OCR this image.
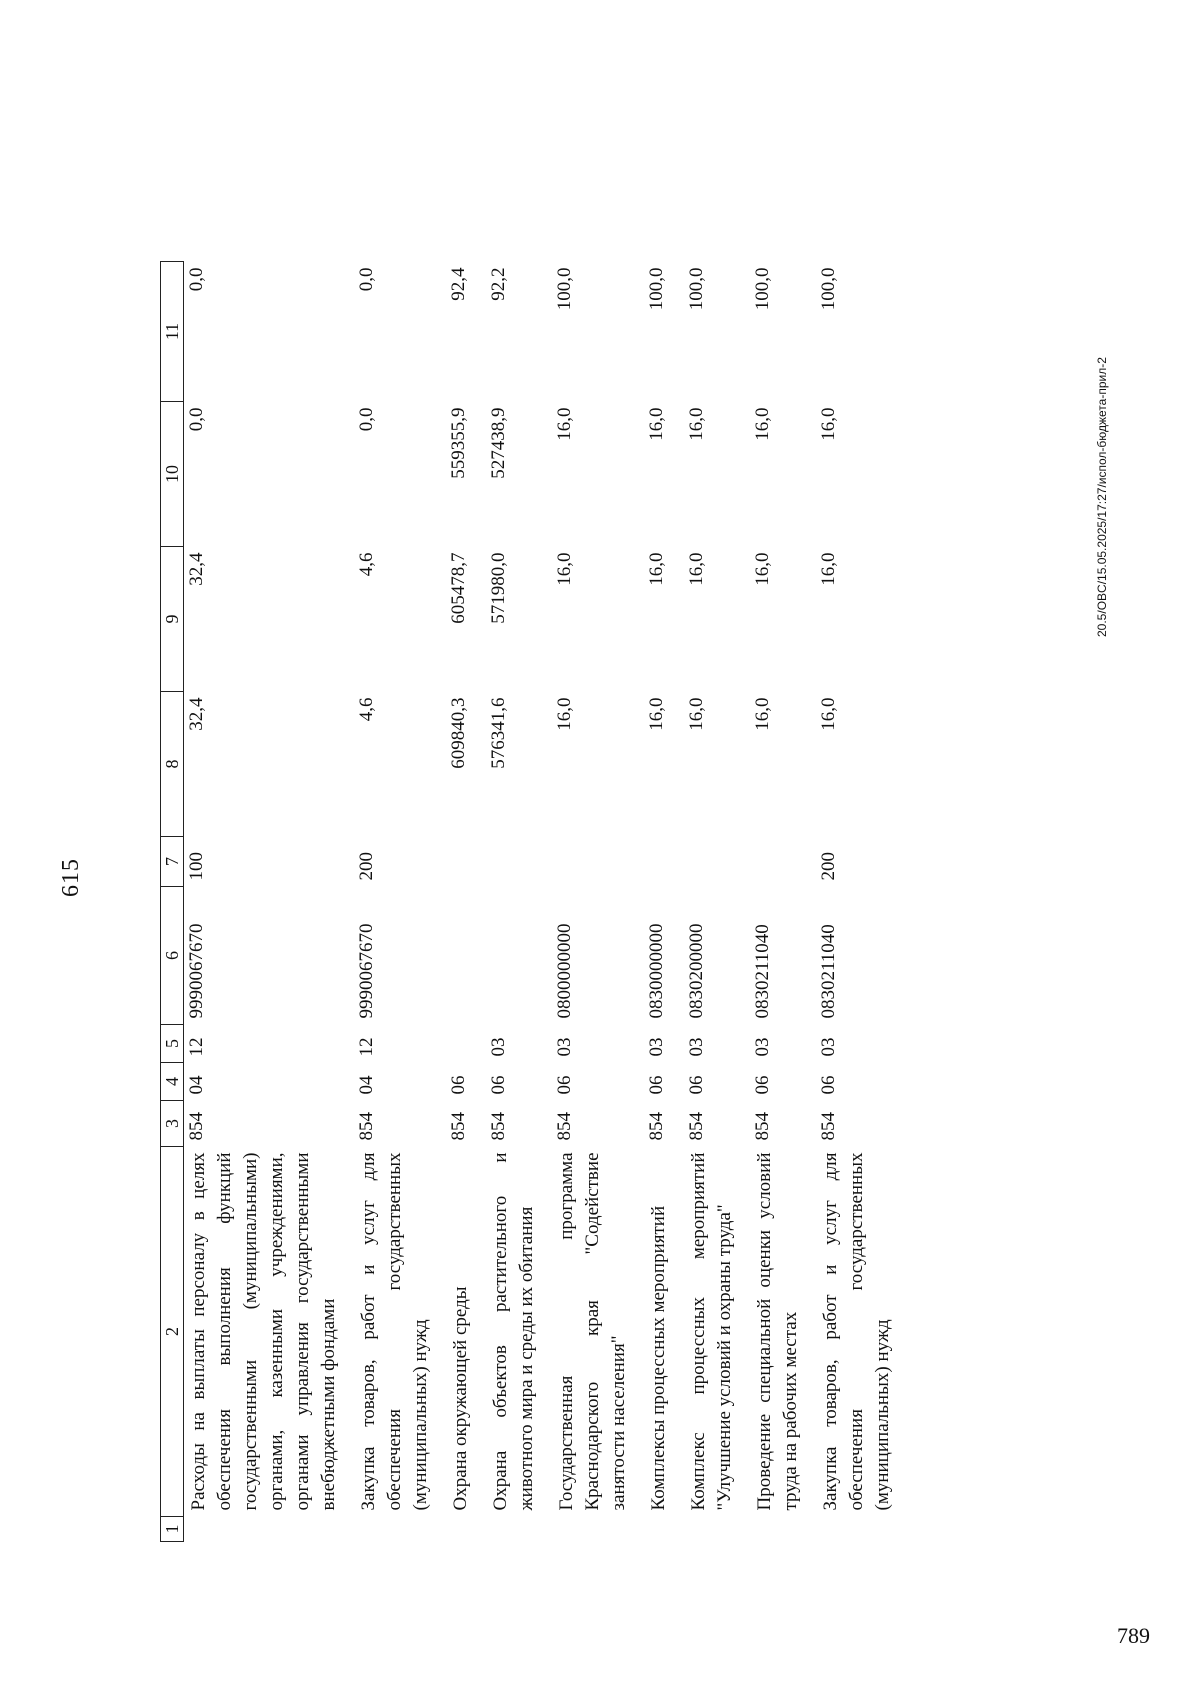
615
1	2	3	4	5	6	7	8	9	10	11
	Расходы на выплаты персоналу в целях обеспечения выполнения функций государственными (муниципальными) органами, казенными учреждениями, органами управления государственными внебюджетными фондами	854	04	12	9990067670	100	32,4	32,4	0,0	0,0

	Закупка товаров, работ и услуг для обеспечения государственных (муниципальных) нужд	854	04	12	9990067670	200	4,6	4,6	0,0	0,0

	Охрана окружающей среды	854	06				609840,3	605478,7	559355,9	92,4

	Охрана объектов растительного и животного мира и среды их обитания	854	06	03			576341,6	571980,0	527438,9	92,2

	Государственная программа Краснодарского края "Содействие занятости населения"	854	06	03	0800000000		16,0	16,0	16,0	100,0

	Комплексы процессных мероприятий	854	06	03	0830000000		16,0	16,0	16,0	100,0

	Комплекс процессных мероприятий "Улучшение условий и охраны труда"	854	06	03	0830200000		16,0	16,0	16,0	100,0

	Проведение специальной оценки условий труда на рабочих местах	854	06	03	0830211040		16,0	16,0	16,0	100,0

	Закупка товаров, работ и услуг для обеспечения государственных (муниципальных) нужд	854	06	03	0830211040	200	16,0	16,0	16,0	100,0

20.5/OBC/15.05.2025/17:27/испол-бюджета-прил-2
789
